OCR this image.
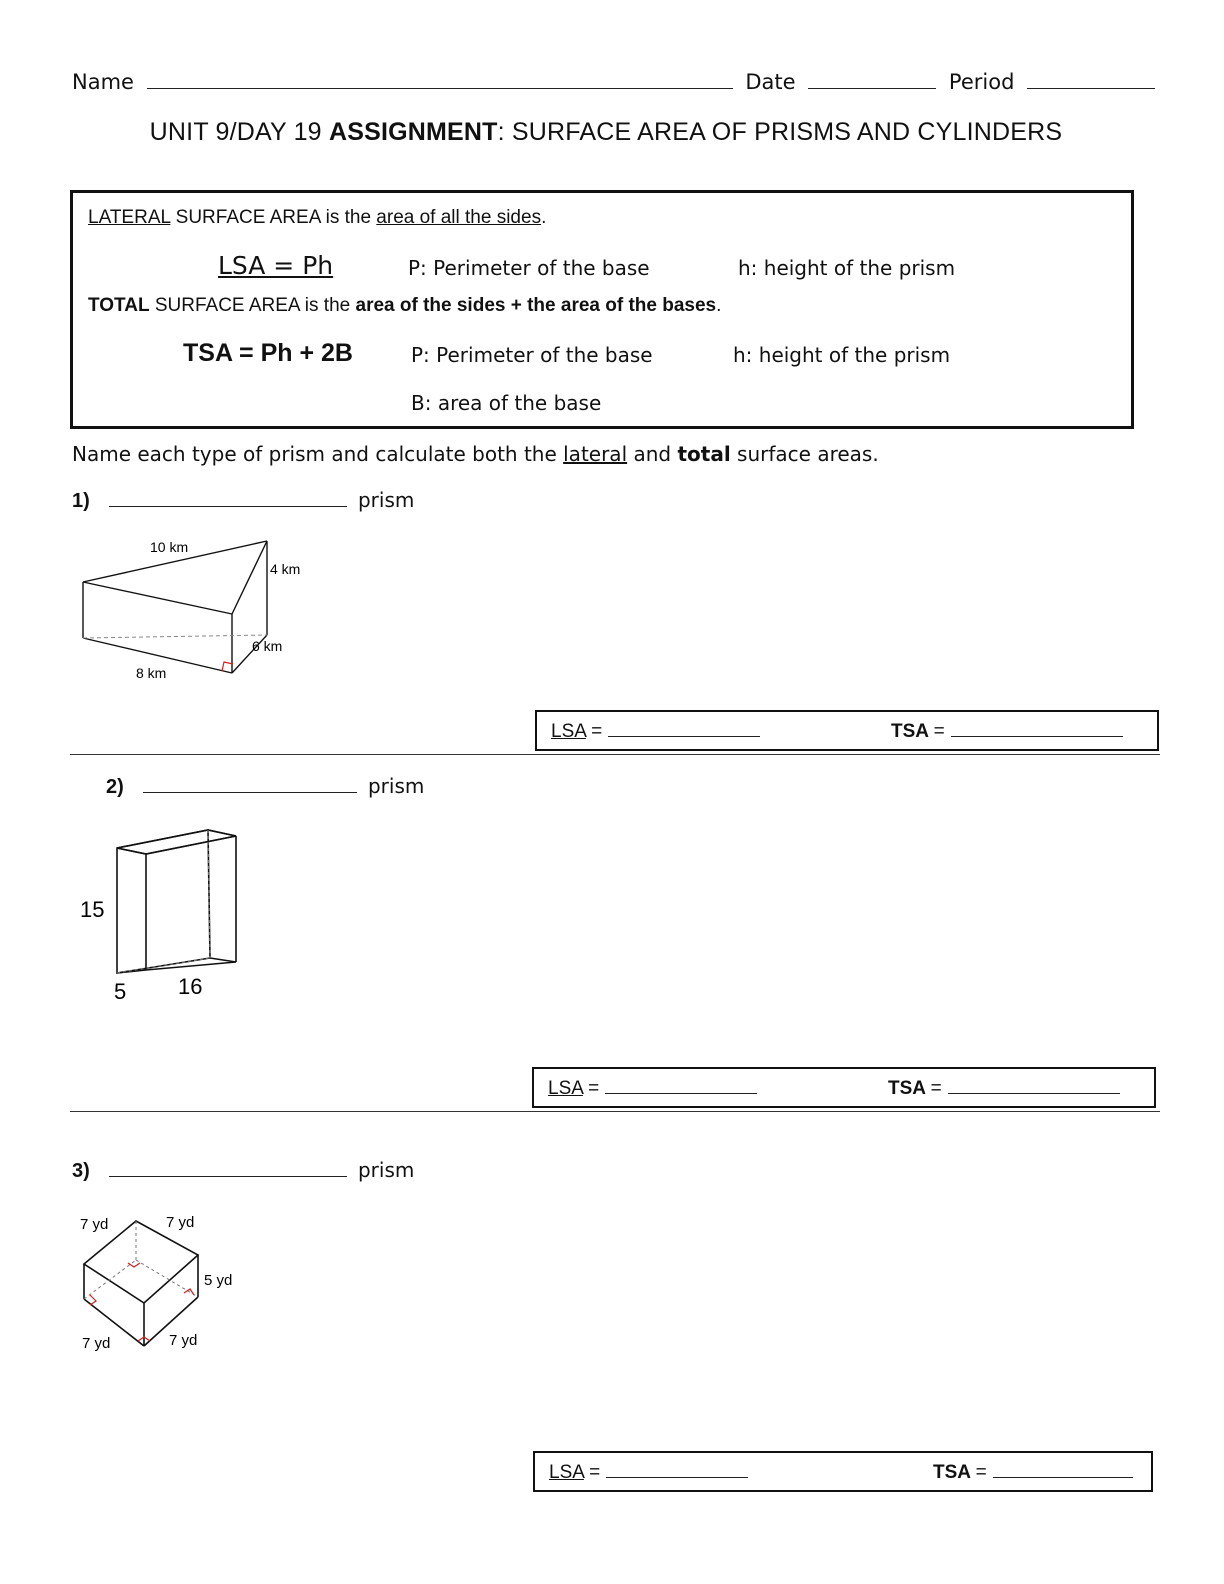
Name	Date	Period
UNIT 9/DAY 19 ASSIGNMENT: SURFACE AREA OF PRISMS AND CYLINDERS
LATERAL SURFACE AREA is the area of all the sides.
LSA = Ph	P: Perimeter of the base	h: height of the prism
TOTAL SURFACE AREA is the area of the sides + the area of the bases.
TSA = Ph + 2B	P: Perimeter of the base	h: height of the prism
B: area of the base
Name each type of prism and calculate both the lateral and total surface areas.
1)	prism
10 km
4 km
6 km
8 km
LSA =	TSA =
2)	prism
15
5 16
LSA =	TSA =
3)	prism
7 yd	7 yd
5 yd
7 yd	7 yd
LSA =	TSA =
